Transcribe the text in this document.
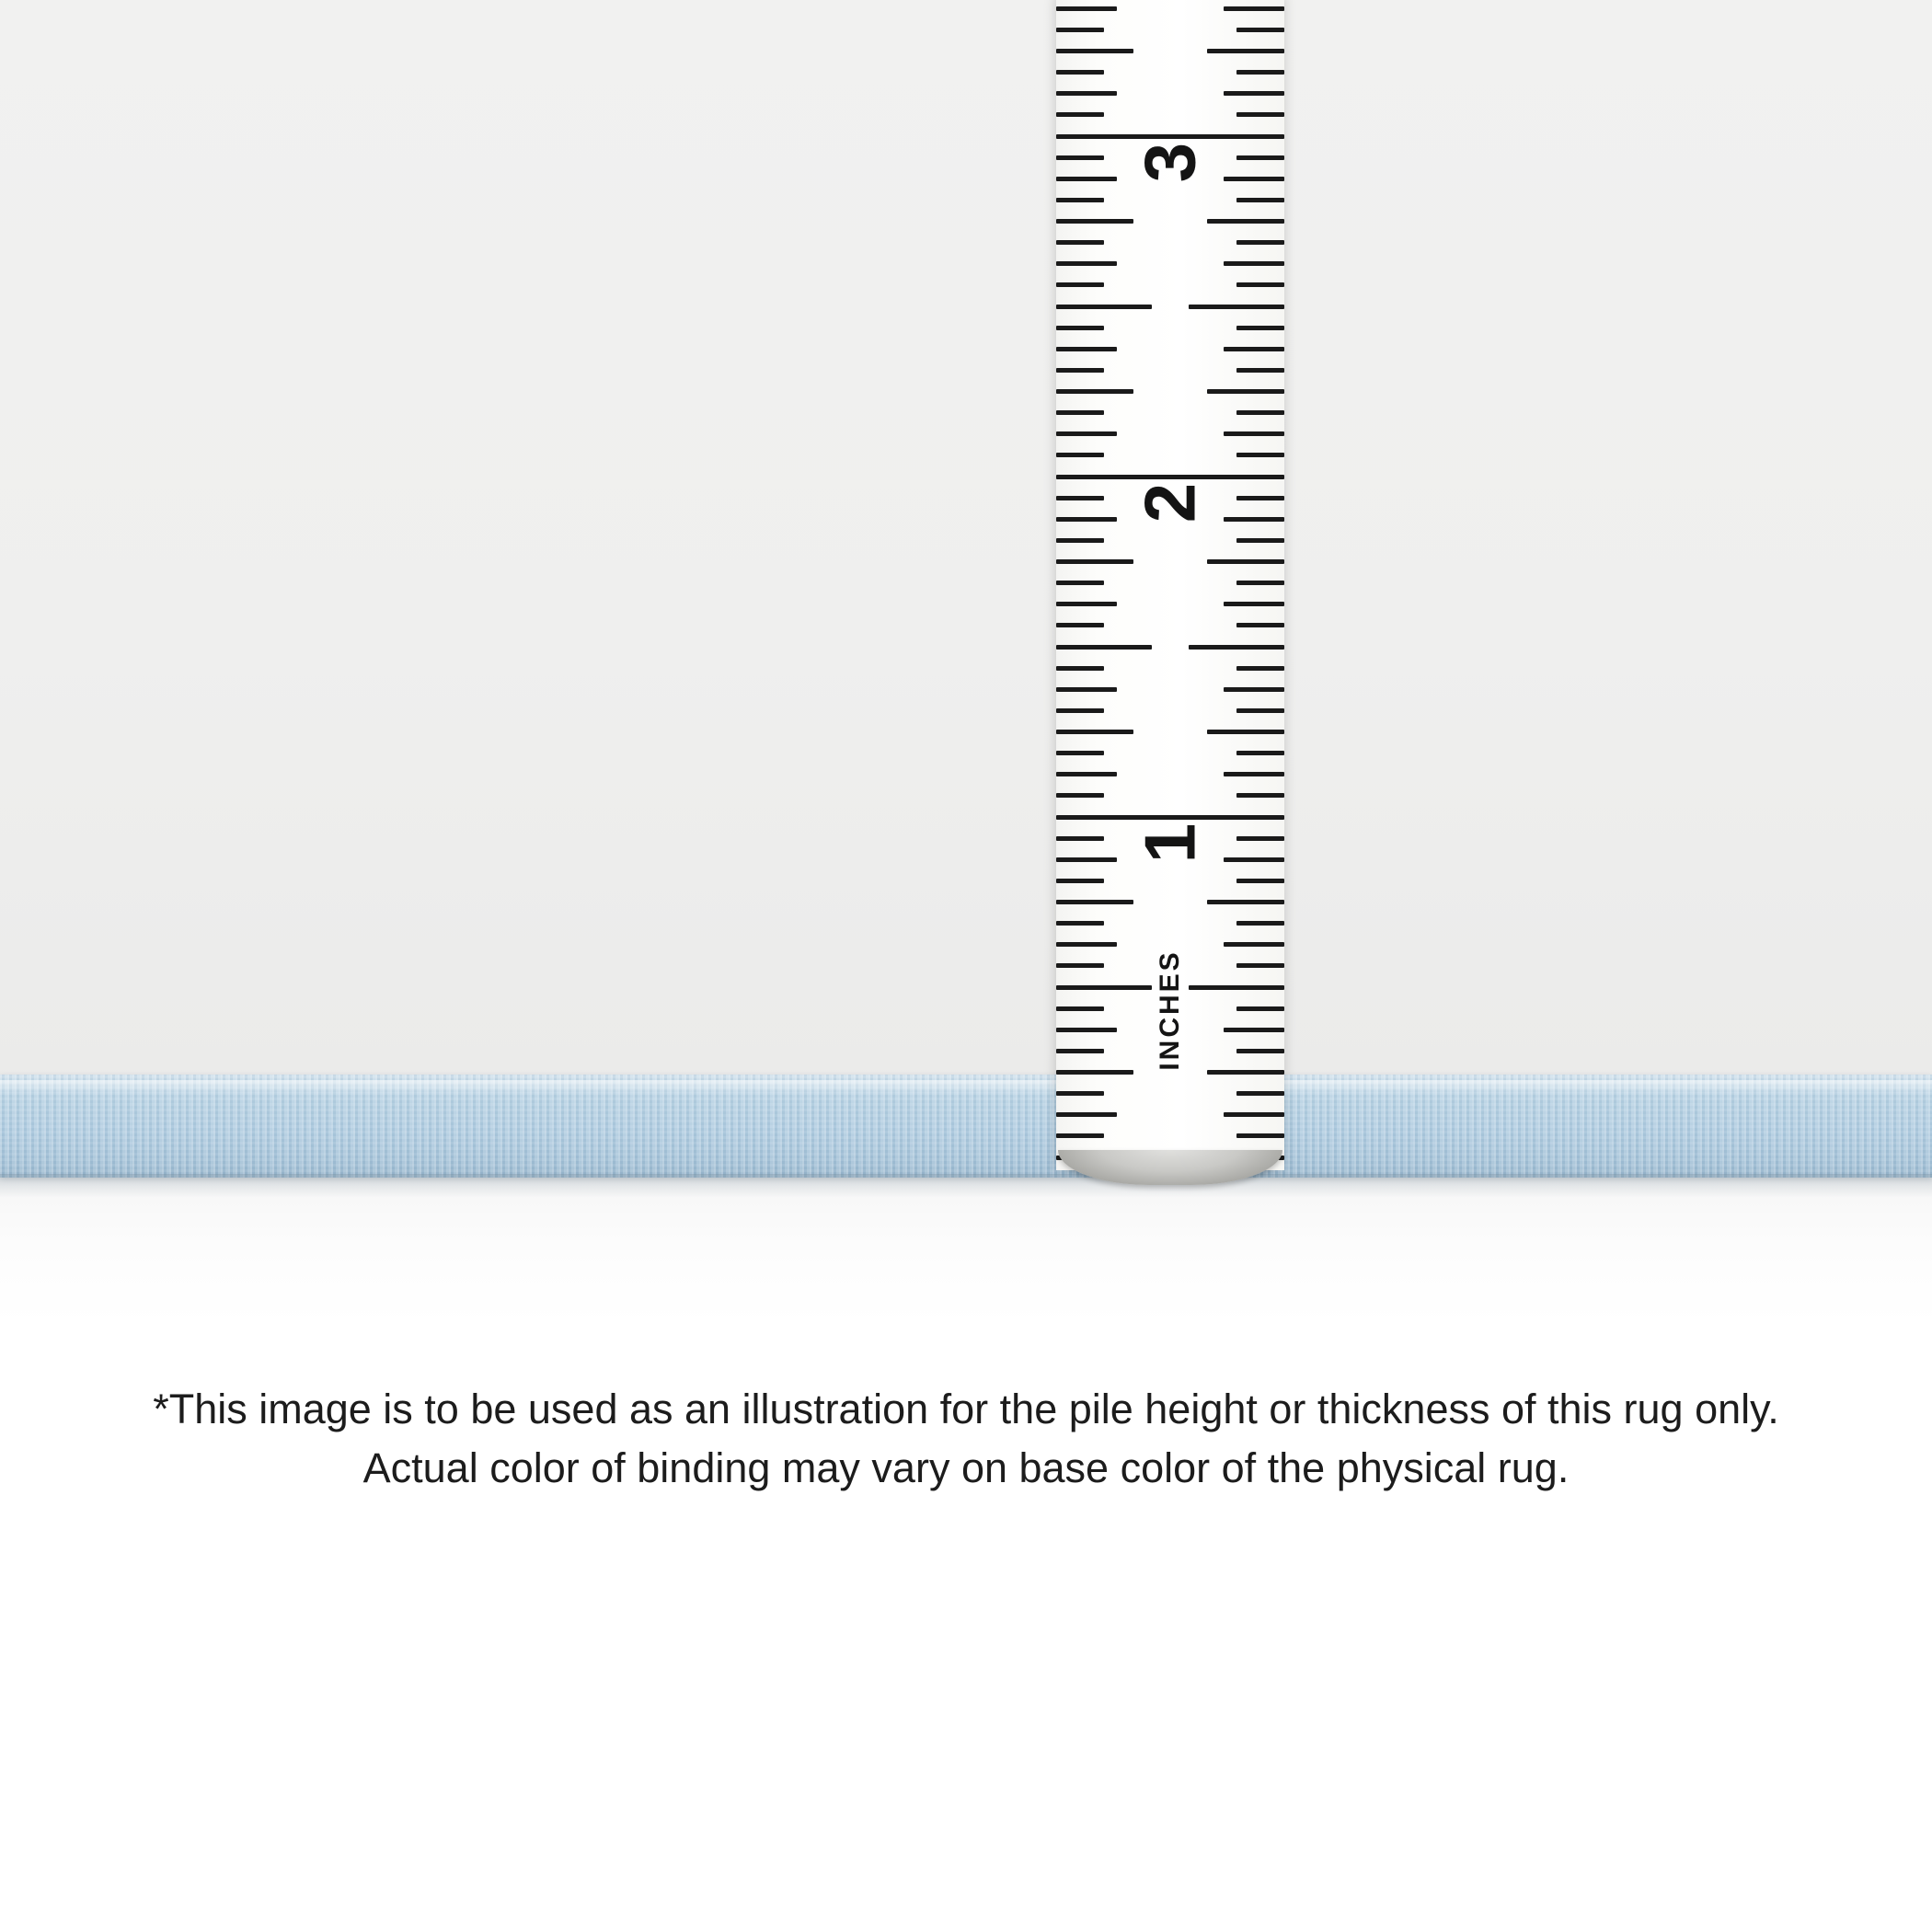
INCHES
1
2
3
*This image is to be used as an illustration for the pile height or thickness of this rug only.
Actual color of binding may vary on base color of the physical rug.
